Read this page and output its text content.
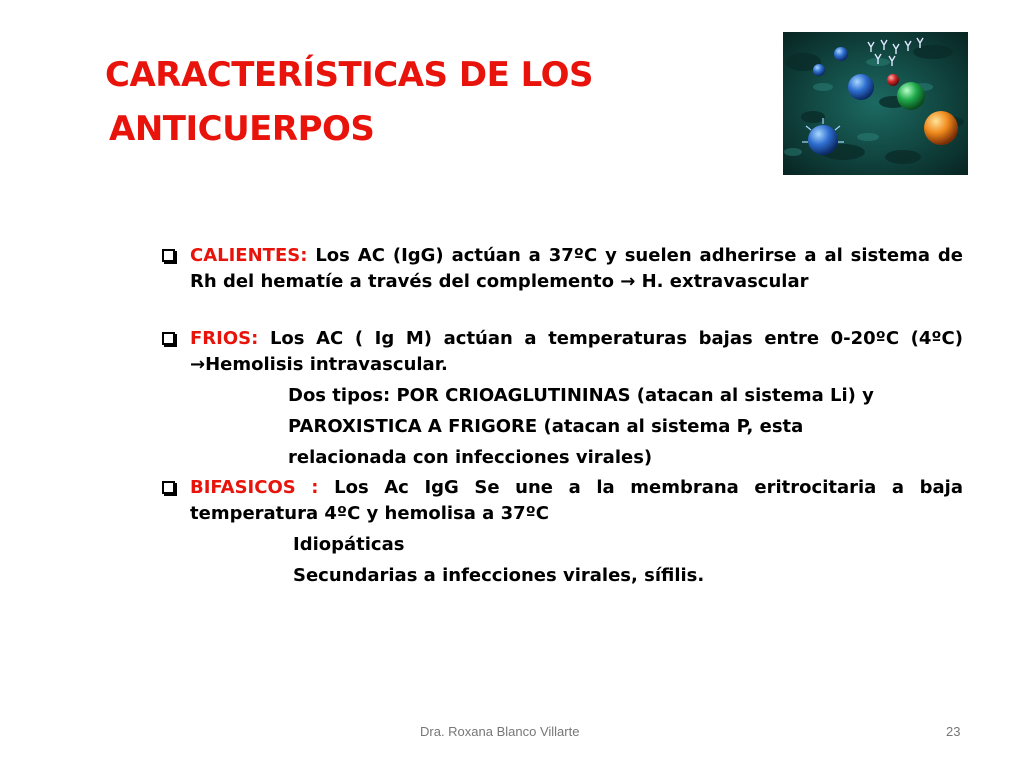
CARACTERÍSTICAS DE LOS
ANTICUERPOS
CALIENTES: Los AC (IgG) actúan a 37ºC y suelen adherirse a al sistema de Rh del hematíe a través del complemento → H. extravascular
FRIOS: Los AC ( Ig M) actúan a temperaturas bajas entre 0-20ºC (4ºC) →Hemolisis intravascular.
Dos tipos: POR CRIOAGLUTININAS (atacan al sistema Li) y
PAROXISTICA A FRIGORE (atacan al sistema P, esta
relacionada con infecciones virales)
BIFASICOS : Los Ac IgG Se une a la membrana eritrocitaria a baja temperatura 4ºC y hemolisa a 37ºC
Idiopáticas
Secundarias a infecciones virales, sífilis.
Dra. Roxana Blanco Villarte	23
